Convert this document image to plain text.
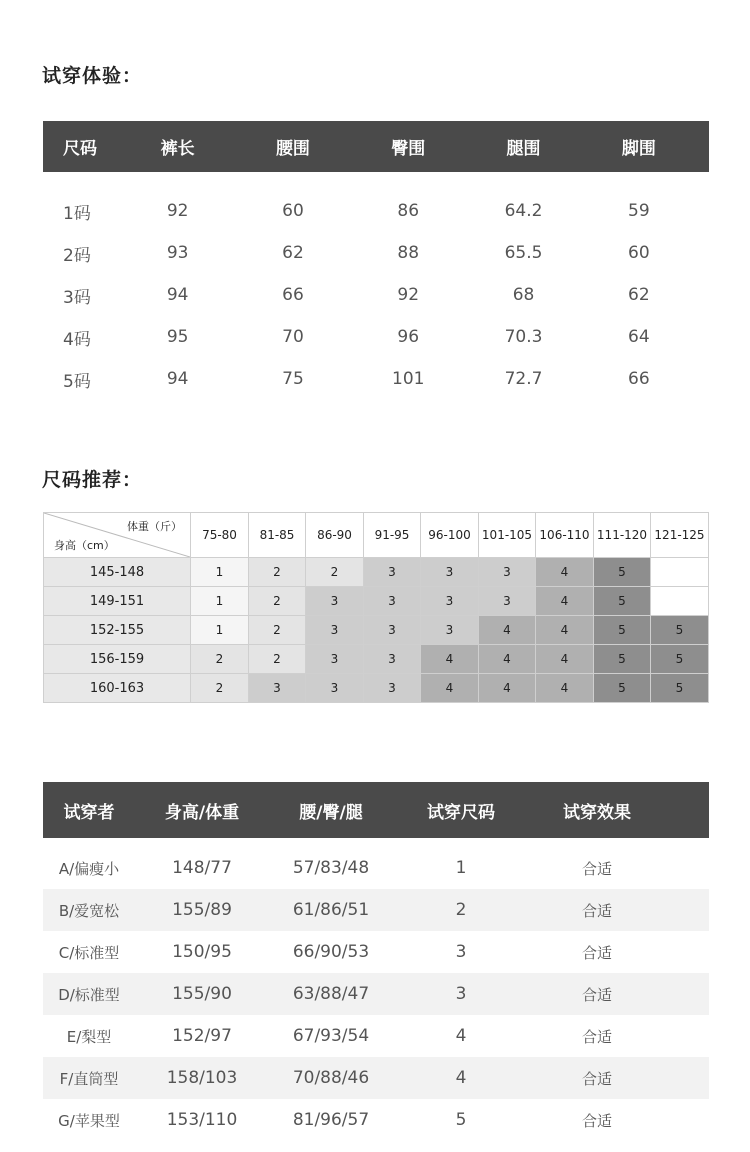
试穿体验：
尺码	裤长	腰围	臀围	腿围	脚围
1码	92	60	86	64.2	59
2码	93	62	88	65.5	60
3码	94	66	92	68	62
4码	95	70	96	70.3	64
5码	94	75	101	72.7	66
尺码推荐：
体重（斤）
身高（cm）	75-80	81-85	86-90	91-95	96-100	101-105	106-110	111-120	121-125
145-148	1	2	2	3	3	3	4	5	
149-151	1	2	3	3	3	3	4	5	
152-155	1	2	3	3	3	4	4	5	5
156-159	2	2	3	3	4	4	4	5	5
160-163	2	3	3	3	4	4	4	5	5
试穿者	身高/体重	腰/臀/腿	试穿尺码	试穿效果
A/偏瘦小	148/77	57/83/48	1	合适
B/爱宽松	155/89	61/86/51	2	合适
C/标准型	150/95	66/90/53	3	合适
D/标准型	155/90	63/88/47	3	合适
E/梨型	152/97	67/93/54	4	合适
F/直筒型	158/103	70/88/46	4	合适
G/苹果型	153/110	81/96/57	5	合适
